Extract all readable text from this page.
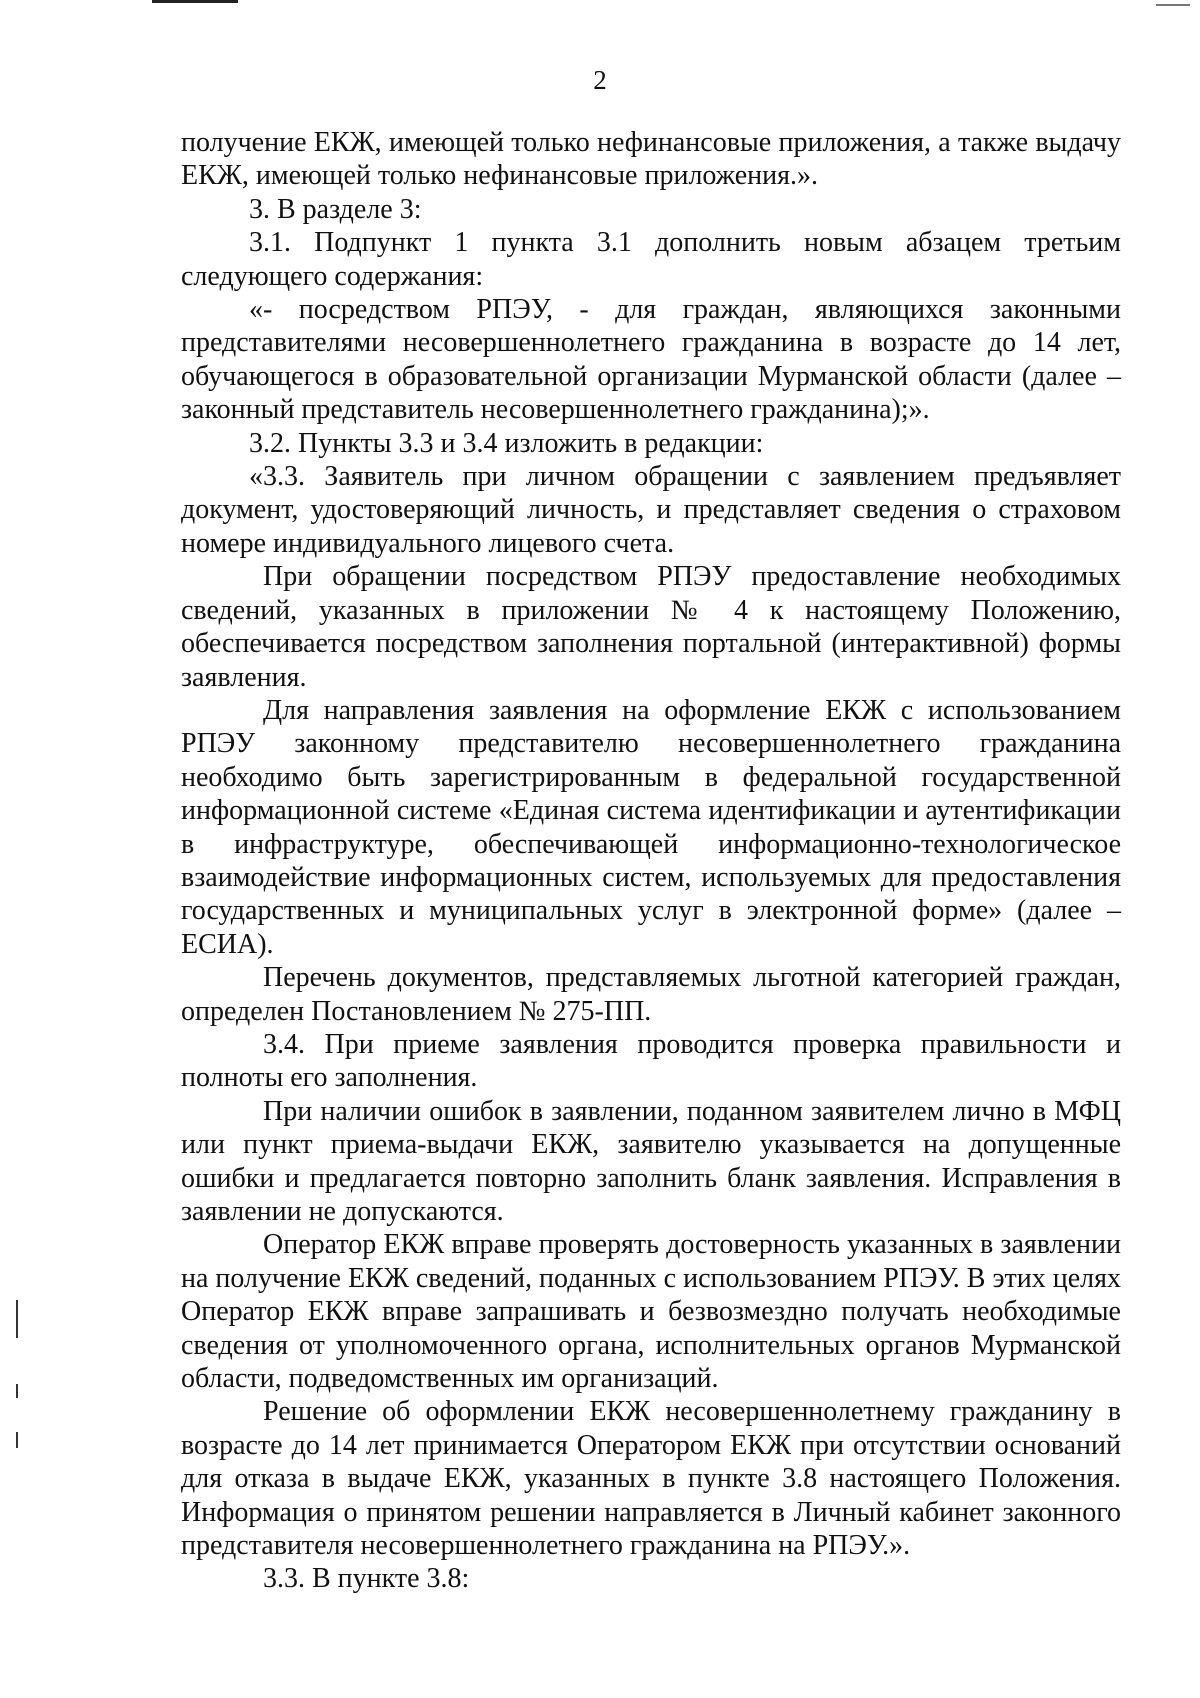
2

получение ЕКЖ, имеющей только нефинансовые приложения, а также выдачу ЕКЖ, имеющей только нефинансовые приложения.».

3. В разделе 3:

3.1. Подпункт 1 пункта 3.1 дополнить новым абзацем третьим следующего содержания:

«- посредством РПЭУ, - для граждан, являющихся законными представителями несовершеннолетнего гражданина в возрасте до 14 лет, обучающегося в образовательной организации Мурманской области (далее – законный представитель несовершеннолетнего гражданина);».

3.2. Пункты 3.3 и 3.4 изложить в редакции:

«3.3. Заявитель при личном обращении с заявлением предъявляет документ, удостоверяющий личность, и представляет сведения о страховом номере индивидуального лицевого счета.

При обращении посредством РПЭУ предоставление необходимых сведений, указанных в приложении № 4 к настоящему Положению, обеспечивается посредством заполнения портальной (интерактивной) формы заявления.

Для направления заявления на оформление ЕКЖ с использованием РПЭУ законному представителю несовершеннолетнего гражданина необходимо быть зарегистрированным в федеральной государственной информационной системе «Единая система идентификации и аутентификации в инфраструктуре, обеспечивающей информационно-технологическое взаимодействие информационных систем, используемых для предоставления государственных и муниципальных услуг в электронной форме» (далее – ЕСИА).

Перечень документов, представляемых льготной категорией граждан, определен Постановлением № 275-ПП.

3.4. При приеме заявления проводится проверка правильности и полноты его заполнения.

При наличии ошибок в заявлении, поданном заявителем лично в МФЦ или пункт приема-выдачи ЕКЖ, заявителю указывается на допущенные ошибки и предлагается повторно заполнить бланк заявления. Исправления в заявлении не допускаются.

Оператор ЕКЖ вправе проверять достоверность указанных в заявлении на получение ЕКЖ сведений, поданных с использованием РПЭУ. В этих целях Оператор ЕКЖ вправе запрашивать и безвозмездно получать необходимые сведения от уполномоченного органа, исполнительных органов Мурманской области, подведомственных им организаций.

Решение об оформлении ЕКЖ несовершеннолетнему гражданину в возрасте до 14 лет принимается Оператором ЕКЖ при отсутствии оснований для отказа в выдаче ЕКЖ, указанных в пункте 3.8 настоящего Положения. Информация о принятом решении направляется в Личный кабинет законного представителя несовершеннолетнего гражданина на РПЭУ.».

3.3. В пункте 3.8:
